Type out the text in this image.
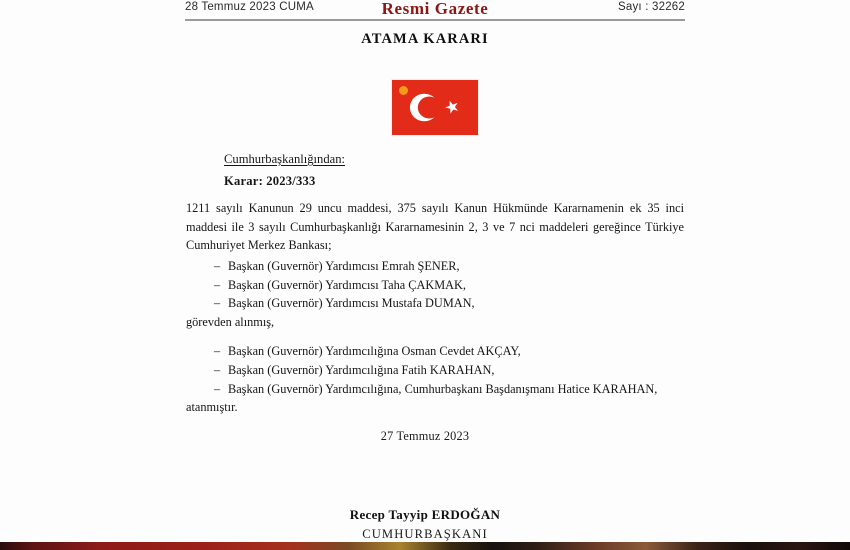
28 Temmuz 2023 CUMA	Resmi Gazete	Sayı : 32262
ATAMA KARARI
Cumhurbaşkanlığından:
Karar: 2023/333
1211 sayılı Kanunun 29 uncu maddesi, 375 sayılı Kanun Hükmünde Kararnamenin ek 35 inci maddesi ile 3 sayılı Cumhurbaşkanlığı Kararnamesinin 2, 3 ve 7 nci maddeleri gereğince Türkiye Cumhuriyet Merkez Bankası;
– Başkan (Guvernör) Yardımcısı Emrah ŞENER,
– Başkan (Guvernör) Yardımcısı Taha ÇAKMAK,
– Başkan (Guvernör) Yardımcısı Mustafa DUMAN,
görevden alınmış,
– Başkan (Guvernör) Yardımcılığına Osman Cevdet AKÇAY,
– Başkan (Guvernör) Yardımcılığına Fatih KARAHAN,
– Başkan (Guvernör) Yardımcılığına, Cumhurbaşkanı Başdanışmanı Hatice KARAHAN,
atanmıştır.
27 Temmuz 2023
Recep Tayyip ERDOĞAN
CUMHURBAŞKANI
